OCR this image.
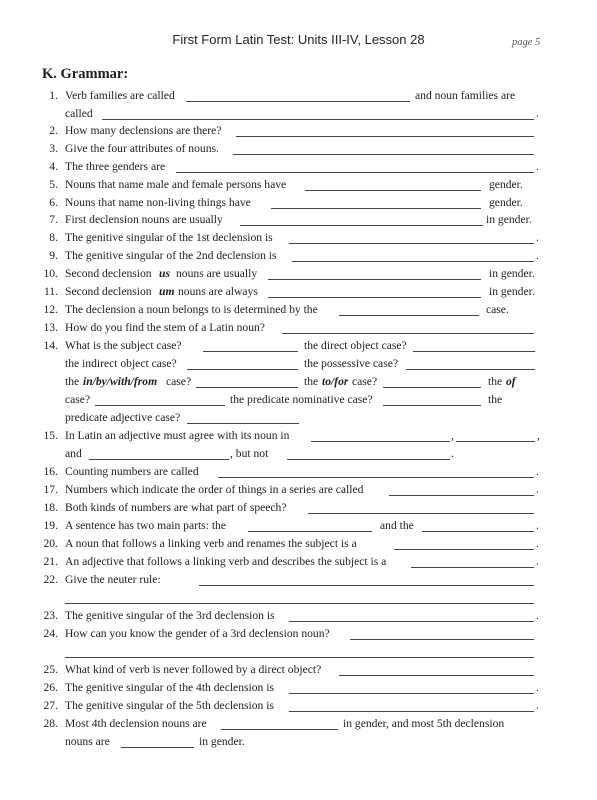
First Form Latin Test: Units III-IV, Lesson 28	page 5
K. Grammar:
1. Verb families are called	and noun families are
called	.
2. How many declensions are there?
3. Give the four attributes of nouns.
4. The three genders are	.
5. Nouns that name male and female persons have	gender.
6. Nouns that name non-living things have	gender.
7. First declension nouns are usually	in gender.
8. The genitive singular of the 1st declension is	.
9. The genitive singular of the 2nd declension is	.
10. Second declension us nouns are usually	in gender.
11. Second declension um nouns are always	in gender.
12. The declension a noun belongs to is determined by the	case.
13. How do you find the stem of a Latin noun?
14. What is the subject case?	the direct object case?
the indirect object case?	the possessive case?
the in/by/with/from case?	the to/for case?	the of
case?	the predicate nominative case?	the
predicate adjective case?
15. In Latin an adjective must agree with its noun in	,	,
and	, but not	.
16. Counting numbers are called	.
17. Numbers which indicate the order of things in a series are called	.
18. Both kinds of numbers are what part of speech?
19. A sentence has two main parts: the	and the	.
20. A noun that follows a linking verb and renames the subject is a	.
21. An adjective that follows a linking verb and describes the subject is a	.
22. Give the neuter rule:
23. The genitive singular of the 3rd declension is	.
24. How can you know the gender of a 3rd declension noun?
25. What kind of verb is never followed by a direct object?
26. The genitive singular of the 4th declension is	.
27. The genitive singular of the 5th declension is	.
28. Most 4th declension nouns are	in gender, and most 5th declension
nouns are	in gender.
